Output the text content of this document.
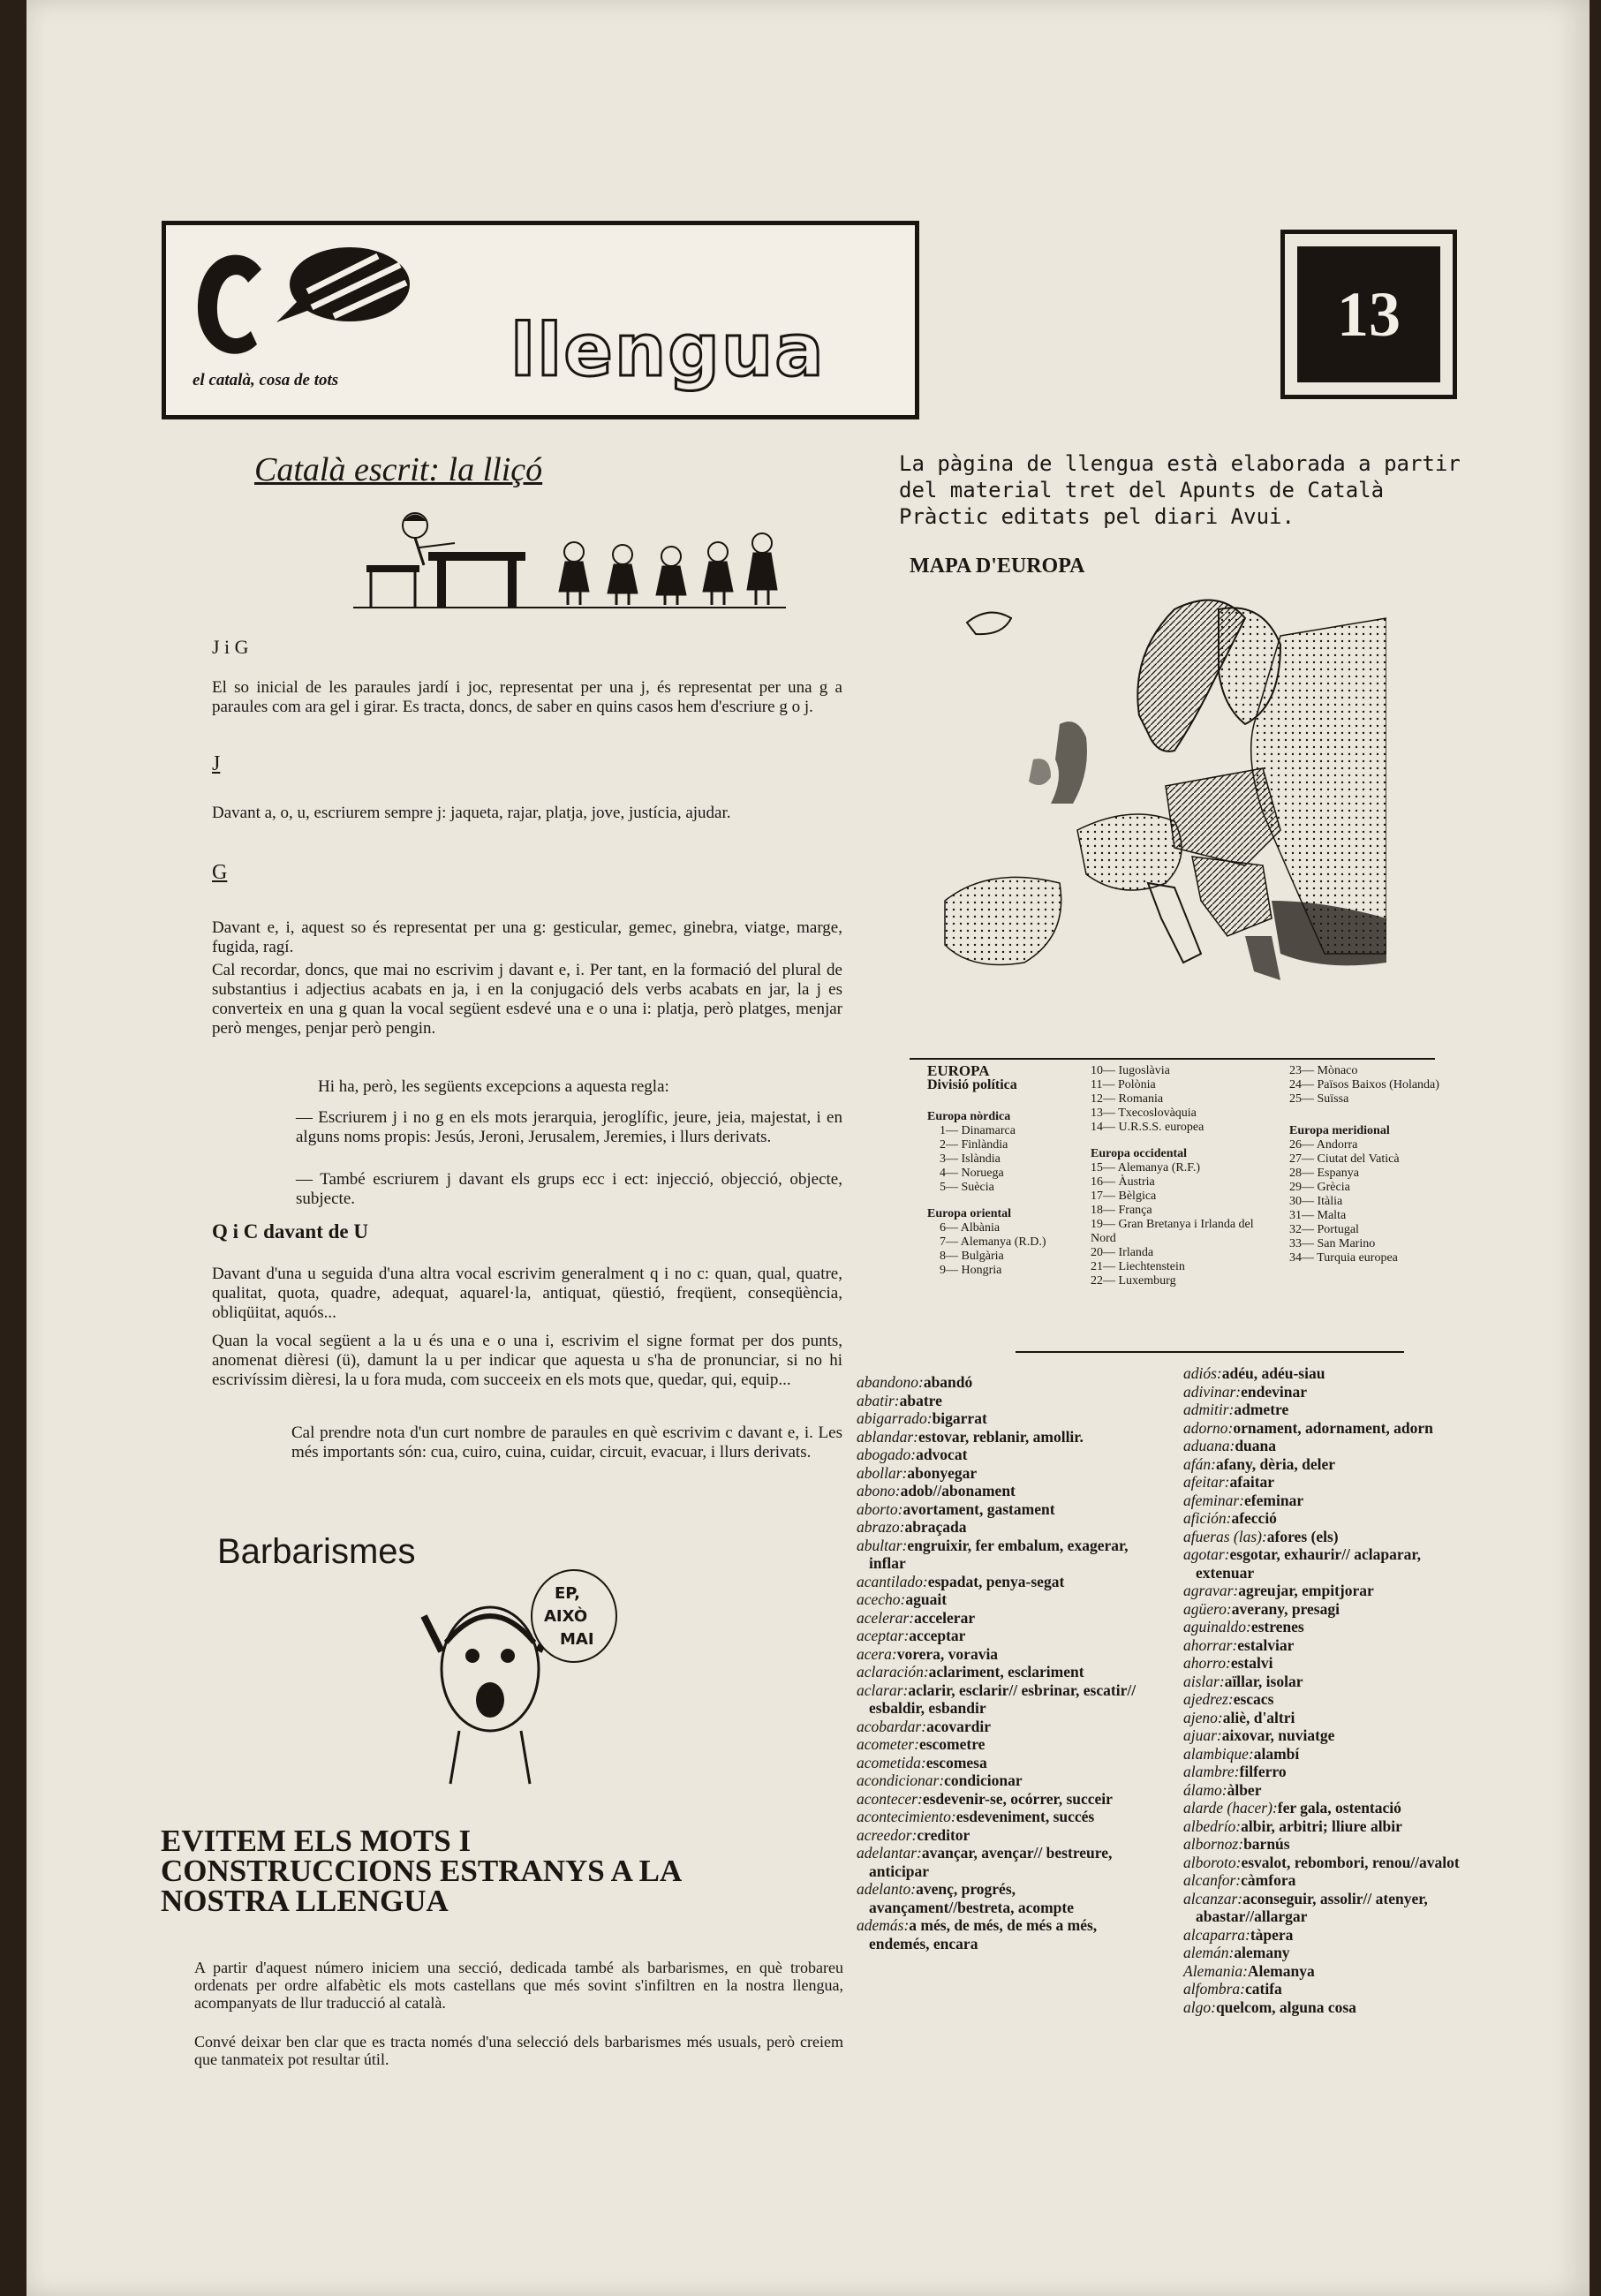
el català, cosa de tots llengua	13
Català escrit: la lliçó
J i G
El so inicial de les paraules jardí i joc, representat per una j, és representat per una g a paraules com ara gel i girar. Es tracta, doncs, de saber en quins casos hem d'escriure g o j.
J
Davant a, o, u, escriurem sempre j: jaqueta, rajar, platja, jove, justícia, ajudar.
G
Davant e, i, aquest so és representat per una g: gesticular, gemec, ginebra, viatge, marge, fugida, ragí.
Cal recordar, doncs, que mai no escrivim j davant e, i. Per tant, en la formació del plural de substantius i adjectius acabats en ja, i en la conjugació dels verbs acabats en jar, la j es converteix en una g quan la vocal següent esdevé una e o una i: platja, però platges, menjar però menges, penjar però pengin.
Hi ha, però, les següents excepcions a aquesta regla:
— Escriurem j i no g en els mots jerarquia, jeroglífic, jeure, jeia, majestat, i en alguns noms propis: Jesús, Jeroni, Jerusalem, Jeremies, i llurs derivats.
— També escriurem j davant els grups ecc i ect: injecció, objecció, objecte, subjecte.
Q i C davant de U
Davant d'una u seguida d'una altra vocal escrivim generalment q i no c: quan, qual, quatre, qualitat, quota, quadre, adequat, aquarel·la, antiquat, qüestió, freqüent, conseqüència, obliqüitat, aquós...
Quan la vocal següent a la u és una e o una i, escrivim el signe format per dos punts, anomenat dièresi (ü), damunt la u per indicar que aquesta u s'ha de pronunciar, si no hi escrivíssim dièresi, la u fora muda, com succeeix en els mots que, quedar, qui, equip...
Cal prendre nota d'un curt nombre de paraules en què escrivim c davant e, i. Les més importants són: cua, cuiro, cuina, cuidar, circuit, evacuar, i llurs derivats.
Barbarismes
EP,
AIXÒ
MAI
EVITEM ELS MOTS I CONSTRUCCIONS ESTRANYS A LA NOSTRA LLENGUA
A partir d'aquest número iniciem una secció, dedicada també als barbarismes, en què trobareu ordenats per ordre alfabètic els mots castellans que més sovint s'infiltren en la nostra llengua, acompanyats de llur traducció al català.
Convé deixar ben clar que es tracta només d'una selecció dels barbarismes més usuals, però creiem que tanmateix pot resultar útil.
La pàgina de llengua està elaborada a partir del material tret del Apunts de Català Pràctic editats pel diari Avui.
MAPA D'EUROPA
EUROPA
Divisió política
Europa nòrdica
1— Dinamarca
2— Finlàndia
3— Islàndia
4— Noruega
5— Suècia
Europa oriental
6— Albània
7— Alemanya (R.D.)
8— Bulgària
9— Hongria
10— Iugoslàvia
11— Polònia
12— Romania
13— Txecoslovàquia
14— U.R.S.S. europea
Europa occidental
15— Alemanya (R.F.)
16— Àustria
17— Bèlgica
18— França
19— Gran Bretanya i Irlanda del Nord
20— Irlanda
21— Liechtenstein
22— Luxemburg
23— Mònaco
24— Països Baixos (Holanda)
25— Suïssa
Europa meridional
26— Andorra
27— Ciutat del Vaticà
28— Espanya
29— Grècia
30— Itàlia
31— Malta
32— Portugal
33— San Marino
34— Turquia europea
abandono:abandó
abatir:abatre
abigarrado:bigarrat
ablandar:estovar, reblanir, amollir.
abogado:advocat
abollar:abonyegar
abono:adob//abonament
aborto:avortament, gastament
abrazo:abraçada
abultar:engruixir, fer embalum, exagerar, inflar
acantilado:espadat, penya-segat
acecho:aguait
acelerar:accelerar
aceptar:acceptar
acera:vorera, voravia
aclaración:aclariment, esclariment
aclarar:aclarir, esclarir// esbrinar, escatir// esbaldir, esbandir
acobardar:acovardir
acometer:escometre
acometida:escomesa
acondicionar:condicionar
acontecer:esdevenir-se, ocórrer, succeir
acontecimiento:esdeveniment, succés
acreedor:creditor
adelantar:avançar, avençar// bestreure, anticipar
adelanto:avenç, progrés, avançament//bestreta, acompte
además:a més, de més, de més a més, endemés, encara
adiós:adéu, adéu-siau
adivinar:endevinar
admitir:admetre
adorno:ornament, adornament, adorn
aduana:duana
afán:afany, dèria, deler
afeitar:afaitar
afeminar:efeminar
afición:afecció
afueras (las):afores (els)
agotar:esgotar, exhaurir// aclaparar, extenuar
agravar:agreujar, empitjorar
agüero:averany, presagi
aguinaldo:estrenes
ahorrar:estalviar
ahorro:estalvi
aislar:aïllar, isolar
ajedrez:escacs
ajeno:aliè, d'altri
ajuar:aixovar, nuviatge
alambique:alambí
alambre:filferro
álamo:àlber
alarde (hacer):fer gala, ostentació
albedrío:albir, arbitri; lliure albir
albornoz:barnús
alboroto:esvalot, rebombori, renou//avalot
alcanfor:càmfora
alcanzar:aconseguir, assolir// atenyer, abastar//allargar
alcaparra:tàpera
alemán:alemany
Alemania:Alemanya
alfombra:catifa
algo:quelcom, alguna cosa
